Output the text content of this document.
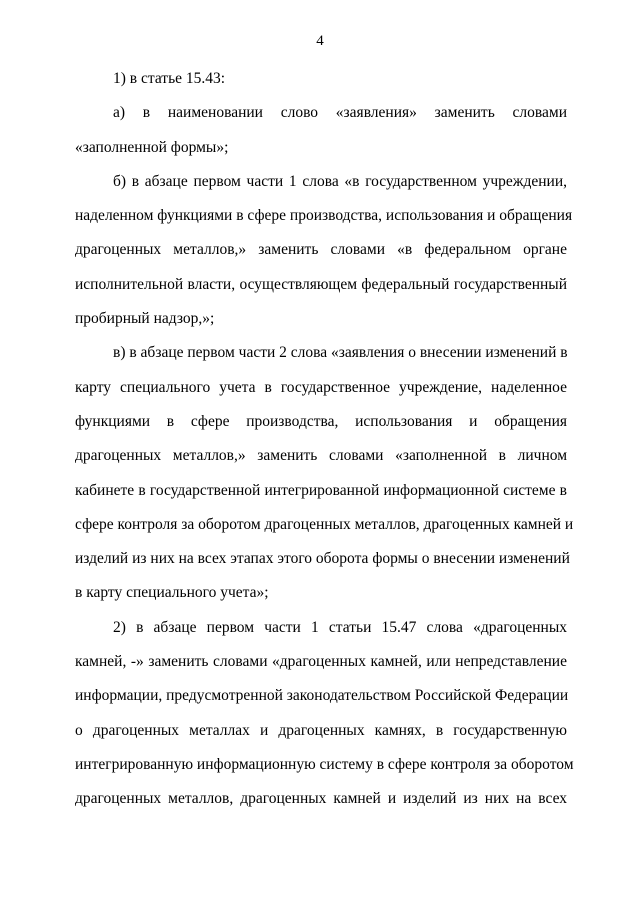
4
1) в статье 15.43:
а) в наименовании слово «заявления» заменить словами
«заполненной формы»;
б) в абзаце первом части 1 слова «в государственном учреждении,
наделенном функциями в сфере производства, использования и обращения
драгоценных металлов,» заменить словами «в федеральном органе
исполнительной власти, осуществляющем федеральный государственный
пробирный надзор,»;
в) в абзаце первом части 2 слова «заявления о внесении изменений в
карту специального учета в государственное учреждение, наделенное
функциями в сфере производства, использования и обращения
драгоценных металлов,» заменить словами «заполненной в личном
кабинете в государственной интегрированной информационной системе в
сфере контроля за оборотом драгоценных металлов, драгоценных камней и
изделий из них на всех этапах этого оборота формы о внесении изменений
в карту специального учета»;
2) в абзаце первом части 1 статьи 15.47 слова «драгоценных
камней, -» заменить словами «драгоценных камней, или непредставление
информации, предусмотренной законодательством Российской Федерации
о драгоценных металлах и драгоценных камнях, в государственную
интегрированную информационную систему в сфере контроля за оборотом
драгоценных металлов, драгоценных камней и изделий из них на всех
